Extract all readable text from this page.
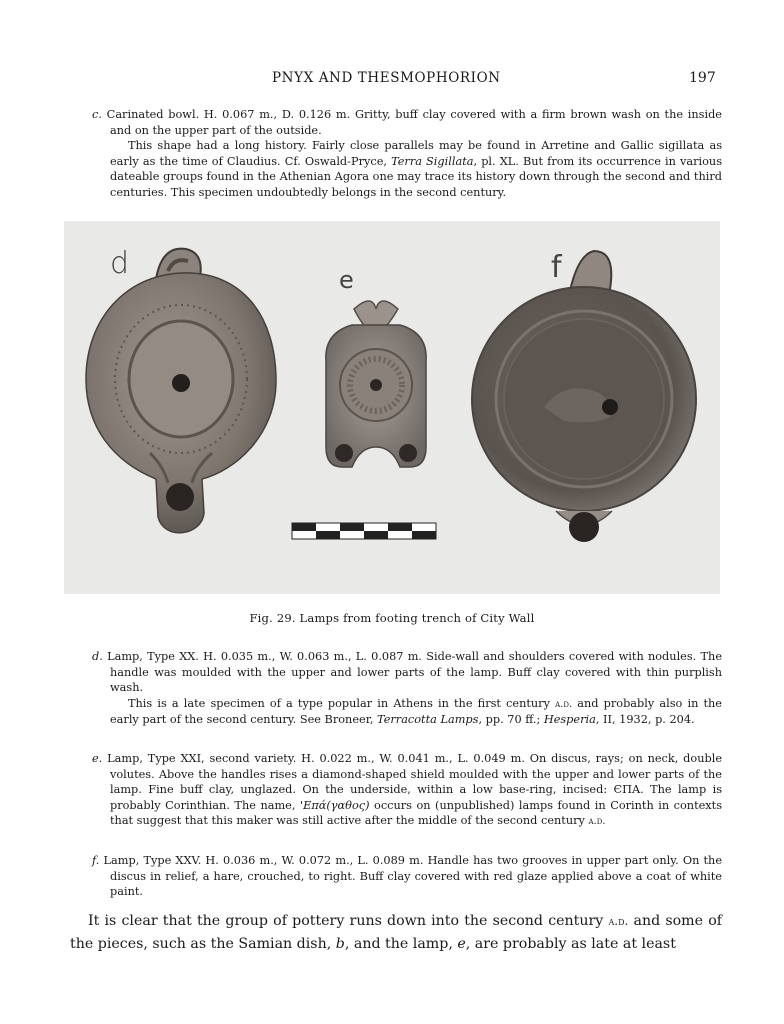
PNYX AND THESMOPHORION	197

c. Carinated bowl. H. 0.067 m., D. 0.126 m. Gritty, buff clay covered with a firm brown wash on the inside and on the upper part of the outside.

This shape had a long history. Fairly close parallels may be found in Arretine and Gallic sigillata as early as the time of Claudius. Cf. Oswald-Pryce, Terra Sigillata, pl. XL. But from its occurrence in various dateable groups found in the Athenian Agora one may trace its history down through the second and third centuries. This specimen undoubtedly belongs in the second century.

d	e	f
Fig. 29. Lamps from footing trench of City Wall

d. Lamp, Type XX. H. 0.035 m., W. 0.063 m., L. 0.087 m. Side-wall and shoulders covered with nodules. The handle was moulded with the upper and lower parts of the lamp. Buff clay covered with thin purplish wash.

This is a late specimen of a type popular in Athens in the first century a.d. and probably also in the early part of the second century. See Broneer, Terracotta Lamps, pp. 70 ff.; Hesperia, II, 1932, p. 204.

e. Lamp, Type XXI, second variety. H. 0.022 m., W. 0.041 m., L. 0.049 m. On discus, rays; on neck, double volutes. Above the handles rises a diamond-shaped shield moulded with the upper and lower parts of the lamp. Fine buff clay, unglazed. On the underside, within a low base-ring, incised: ЄΠΑ. The lamp is probably Corinthian. The name, 'Επά(γαθος) occurs on (unpublished) lamps found in Corinth in contexts that suggest that this maker was still active after the middle of the second century a.d.

f. Lamp, Type XXV. H. 0.036 m., W. 0.072 m., L. 0.089 m. Handle has two grooves in upper part only. On the discus in relief, a hare, crouched, to right. Buff clay covered with red glaze applied above a coat of white paint.

It is clear that the group of pottery runs down into the second century a.d. and some of the pieces, such as the Samian dish, b, and the lamp, e, are probably as late at least
